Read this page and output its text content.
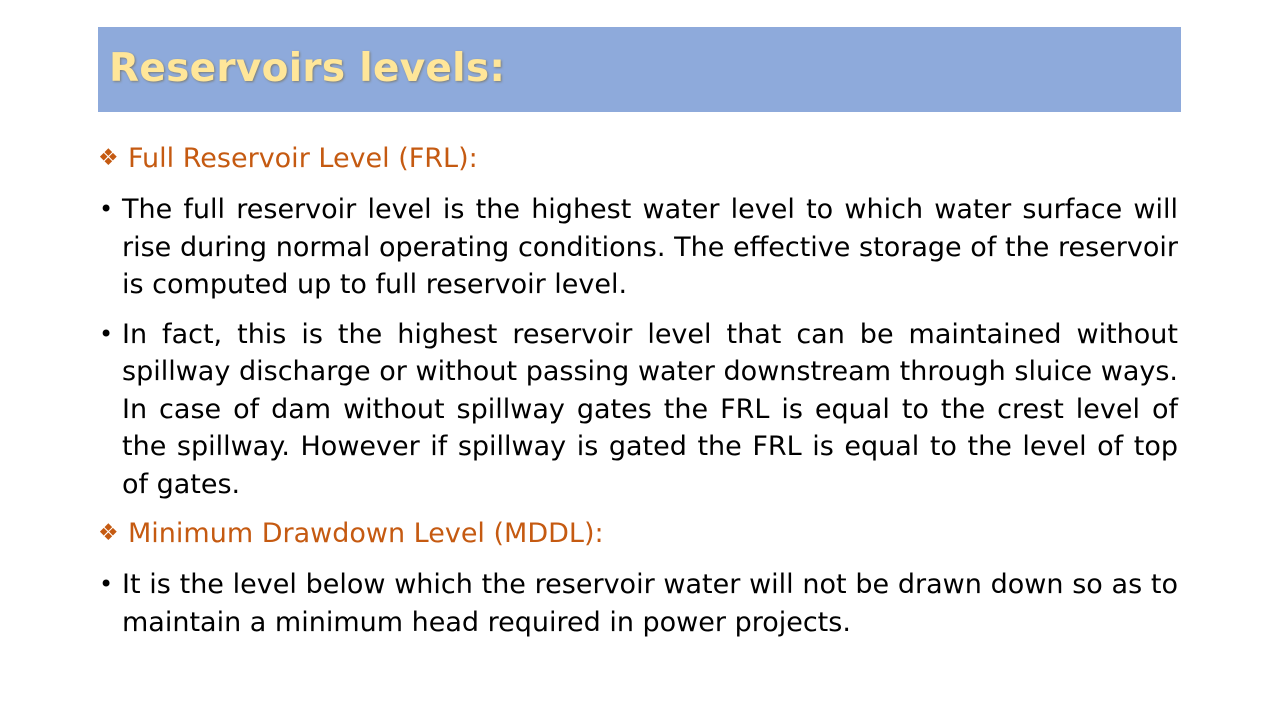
Reservoirs levels:
❖ Full Reservoir Level (FRL):
• The full reservoir level is the highest water level to which water surface will rise during normal operating conditions. The effective storage of the reservoir is computed up to full reservoir level.
• In fact, this is the highest reservoir level that can be maintained without spillway discharge or without passing water downstream through sluice ways. In case of dam without spillway gates the FRL is equal to the crest level of the spillway. However if spillway is gated the FRL is equal to the level of top of gates.
❖ Minimum Drawdown Level (MDDL):
• It is the level below which the reservoir water will not be drawn down so as to maintain a minimum head required in power projects.
